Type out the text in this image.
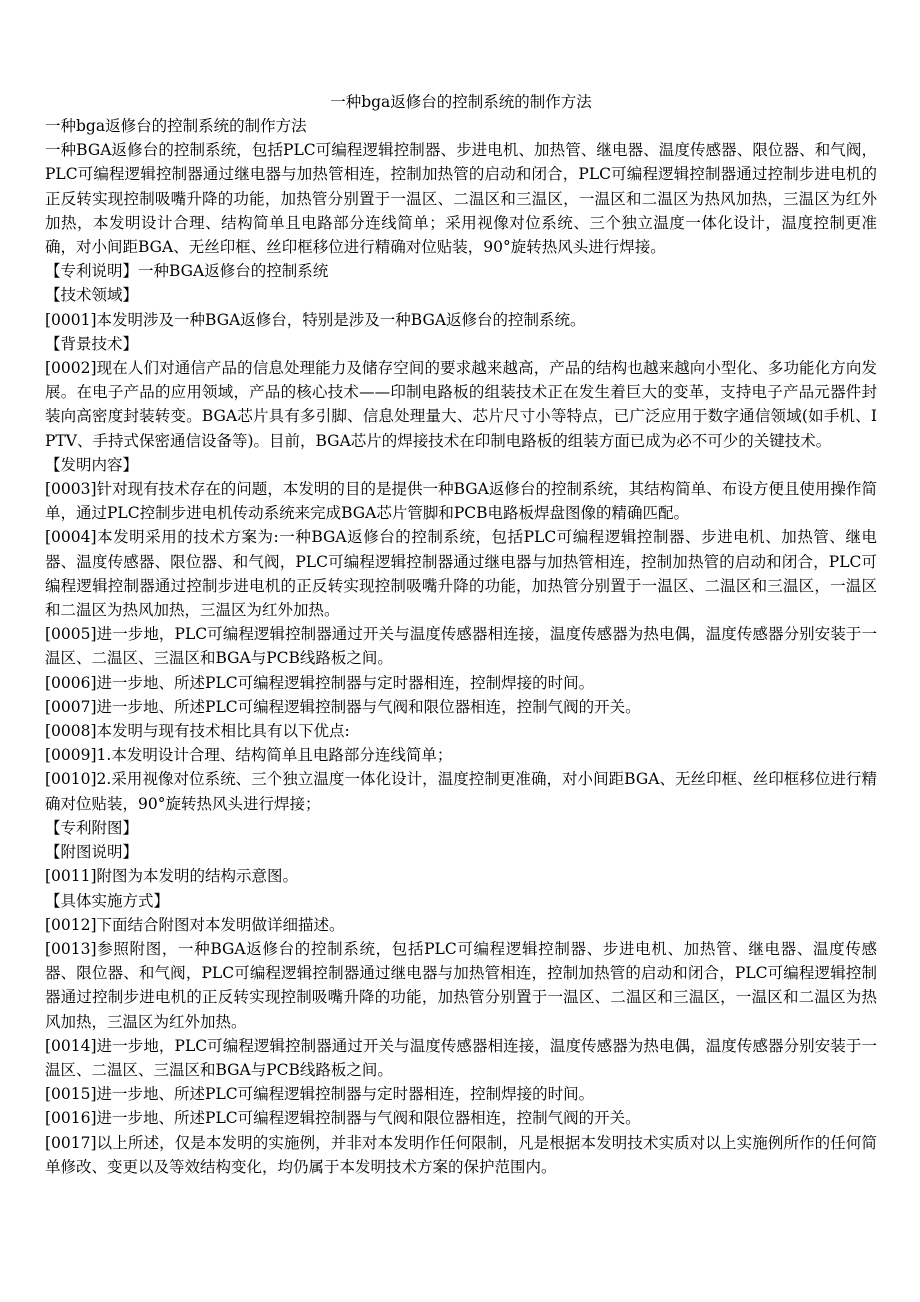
一种bga返修台的控制系统的制作方法

一种bga返修台的控制系统的制作方法

一种BGA返修台的控制系统，包括PLC可编程逻辑控制器、步进电机、加热管、继电器、温度传感器、限位器、和气阀，PLC可编程逻辑控制器通过继电器与加热管相连，控制加热管的启动和闭合，PLC可编程逻辑控制器通过控制步进电机的正反转实现控制吸嘴升降的功能，加热管分别置于一温区、二温区和三温区，一温区和二温区为热风加热，三温区为红外加热，本发明设计合理、结构简单且电路部分连线简单；采用视像对位系统、三个独立温度一体化设计，温度控制更准确，对小间距BGA、无丝印框、丝印框移位进行精确对位贴装，90°旋转热风头进行焊接。

【专利说明】一种BGA返修台的控制系统

【技术领域】

[0001]本发明涉及一种BGA返修台，特别是涉及一种BGA返修台的控制系统。

【背景技术】

[0002]现在人们对通信产品的信息处理能力及储存空间的要求越来越高，产品的结构也越来越向小型化、多功能化方向发展。在电子产品的应用领域，产品的核心技术——印制电路板的组装技术正在发生着巨大的变革，支持电子产品元器件封装向高密度封装转变。BGA芯片具有多引脚、信息处理量大、芯片尺寸小等特点，已广泛应用于数字通信领域(如手机、IPTV、手持式保密通信设备等)。目前，BGA芯片的焊接技术在印制电路板的组装方面已成为必不可少的关键技术。

【发明内容】

[0003]针对现有技术存在的问题，本发明的目的是提供一种BGA返修台的控制系统，其结构简单、布设方便且使用操作简单，通过PLC控制步进电机传动系统来完成BGA芯片管脚和PCB电路板焊盘图像的精确匹配。

[0004]本发明采用的技术方案为:一种BGA返修台的控制系统，包括PLC可编程逻辑控制器、步进电机、加热管、继电器、温度传感器、限位器、和气阀，PLC可编程逻辑控制器通过继电器与加热管相连，控制加热管的启动和闭合，PLC可编程逻辑控制器通过控制步进电机的正反转实现控制吸嘴升降的功能，加热管分别置于一温区、二温区和三温区，一温区和二温区为热风加热，三温区为红外加热。

[0005]进一步地，PLC可编程逻辑控制器通过开关与温度传感器相连接，温度传感器为热电偶，温度传感器分别安装于一温区、二温区、三温区和BGA与PCB线路板之间。

[0006]进一步地、所述PLC可编程逻辑控制器与定时器相连，控制焊接的时间。

[0007]进一步地、所述PLC可编程逻辑控制器与气阀和限位器相连，控制气阀的开关。

[0008]本发明与现有技术相比具有以下优点:

[0009]1.本发明设计合理、结构简单且电路部分连线简单；

[0010]2.采用视像对位系统、三个独立温度一体化设计，温度控制更准确，对小间距BGA、无丝印框、丝印框移位进行精确对位贴装，90°旋转热风头进行焊接；

【专利附图】

【附图说明】

[0011]附图为本发明的结构示意图。

【具体实施方式】

[0012]下面结合附图对本发明做详细描述。

[0013]参照附图，一种BGA返修台的控制系统，包括PLC可编程逻辑控制器、步进电机、加热管、继电器、温度传感器、限位器、和气阀，PLC可编程逻辑控制器通过继电器与加热管相连，控制加热管的启动和闭合，PLC可编程逻辑控制器通过控制步进电机的正反转实现控制吸嘴升降的功能，加热管分别置于一温区、二温区和三温区，一温区和二温区为热风加热，三温区为红外加热。

[0014]进一步地，PLC可编程逻辑控制器通过开关与温度传感器相连接，温度传感器为热电偶，温度传感器分别安装于一温区、二温区、三温区和BGA与PCB线路板之间。

[0015]进一步地、所述PLC可编程逻辑控制器与定时器相连，控制焊接的时间。

[0016]进一步地、所述PLC可编程逻辑控制器与气阀和限位器相连，控制气阀的开关。

[0017]以上所述，仅是本发明的实施例，并非对本发明作任何限制，凡是根据本发明技术实质对以上实施例所作的任何简单修改、变更以及等效结构变化，均仍属于本发明技术方案的保护范围内。
